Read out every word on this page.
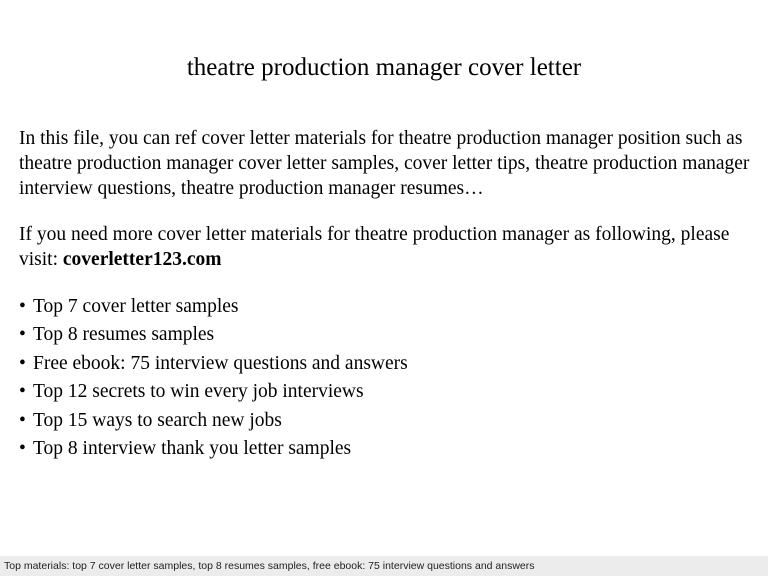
theatre production manager cover letter

In this file, you can ref cover letter materials for theatre production manager position such as theatre production manager cover letter samples, cover letter tips, theatre production manager interview questions, theatre production manager resumes…

If you need more cover letter materials for theatre production manager as following, please visit: coverletter123.com

• Top 7 cover letter samples
• Top 8 resumes samples
• Free ebook: 75 interview questions and answers
• Top 12 secrets to win every job interviews
• Top 15 ways to search new jobs
• Top 8 interview thank you letter samples
Top materials: top 7 cover letter samples, top 8 resumes samples, free ebook: 75 interview questions and answers
